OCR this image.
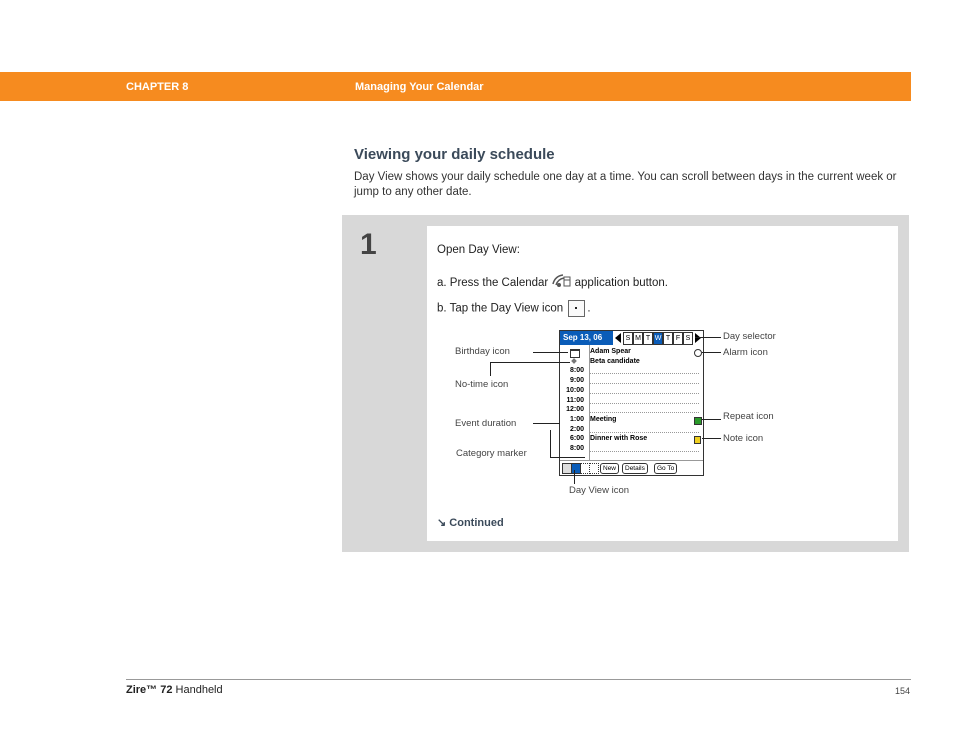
CHAPTER 8	Managing Your Calendar
Viewing your daily schedule

Day View shows your daily schedule one day at a time. You can scroll between days in the current week or jump to any other date.

1	Open Day View:
a. Press the Calendar application button.
b. Tap the Day View icon .
Sep 13, 06	S M T W T F S
Adam Spear
Beta candidate
8:00
9:00
10:00
11:00
12:00
1:00 Meeting
2:00
6:00 Dinner with Rose
8:00
New	Details	Go To
Birthday icon
No-time icon
Event duration
Category marker
Day View icon
Day selector
Alarm icon
Repeat icon
Note icon
↘ Continued
Zire™ 72 Handheld	154
